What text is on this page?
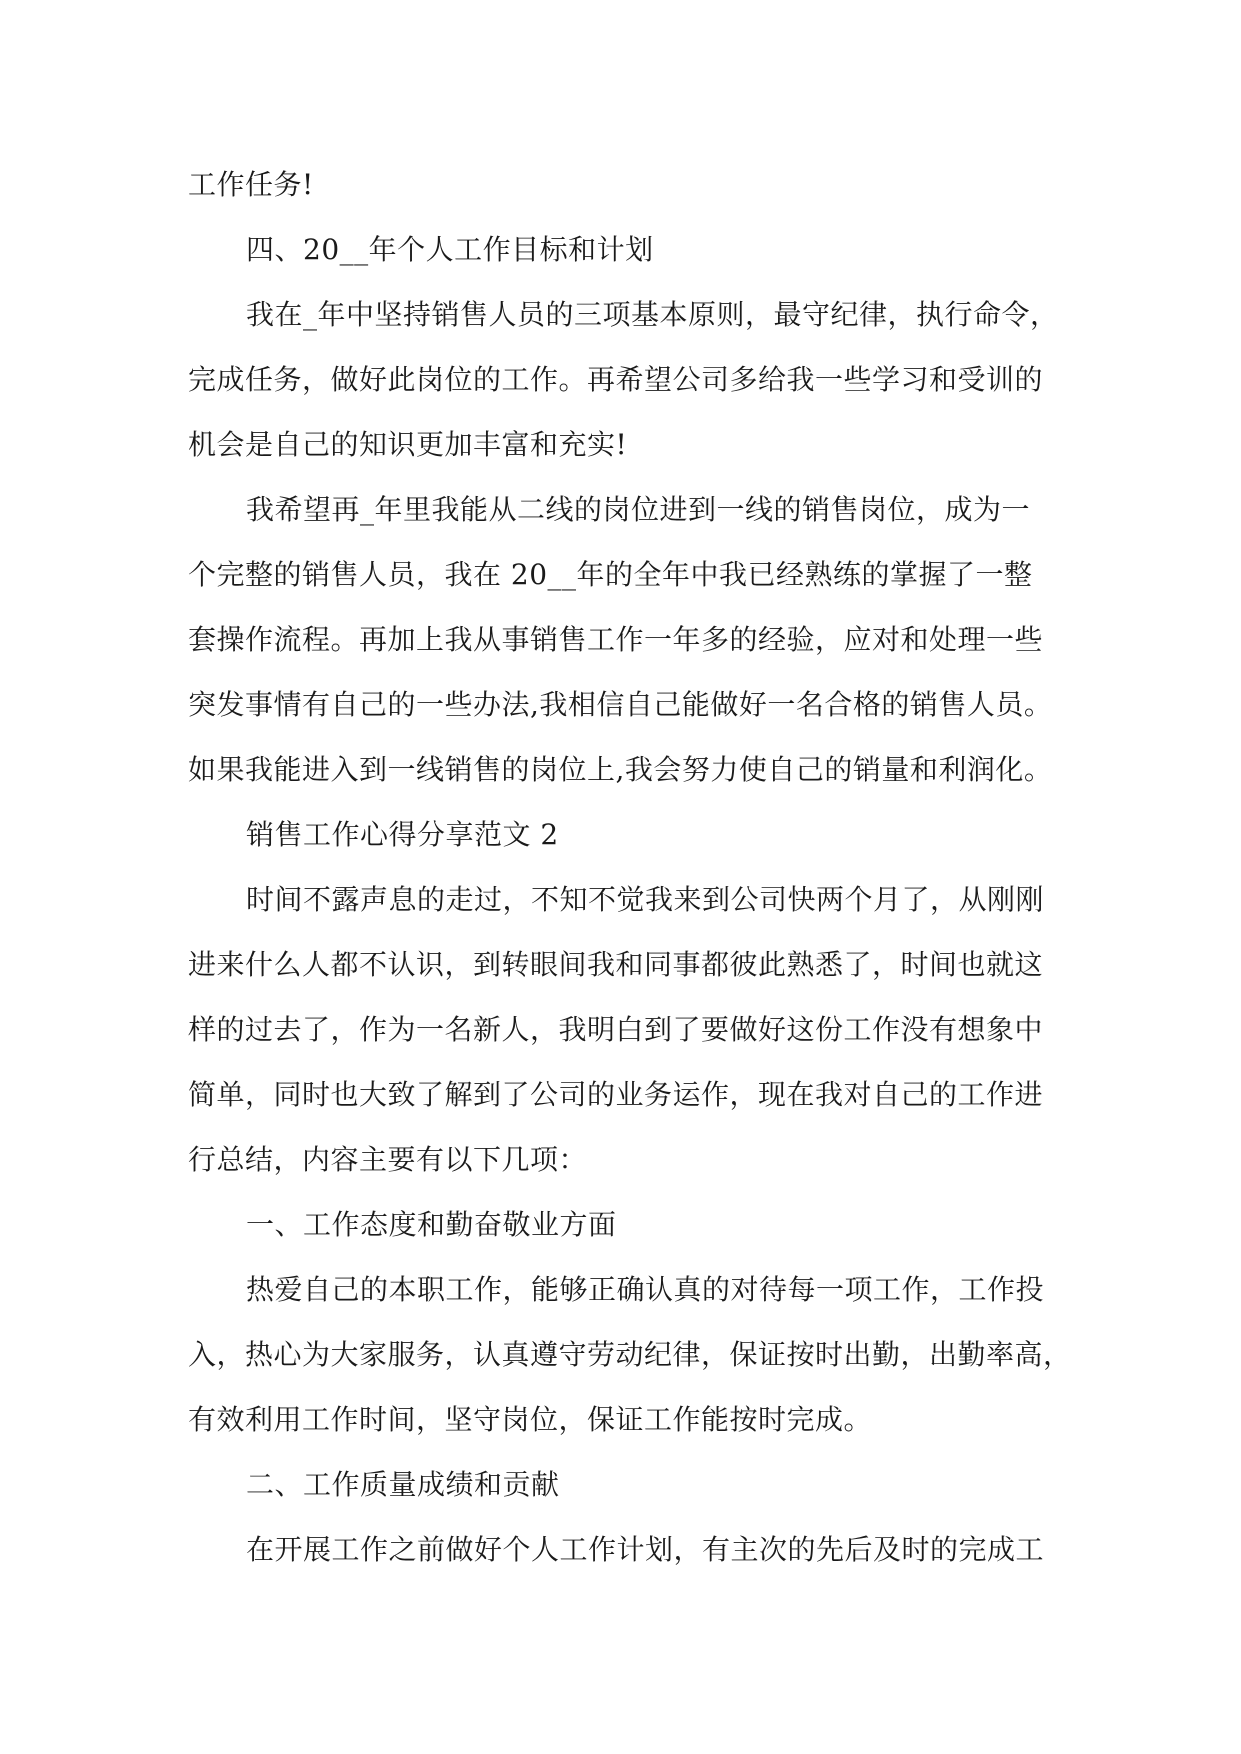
工作任务!
四、20__年个人工作目标和计划
我在_年中坚持销售人员的三项基本原则，最守纪律，执行命令，
完成任务，做好此岗位的工作。再希望公司多给我一些学习和受训的
机会是自己的知识更加丰富和充实!
我希望再_年里我能从二线的岗位进到一线的销售岗位，成为一
个完整的销售人员，我在 20__年的全年中我已经熟练的掌握了一整
套操作流程。再加上我从事销售工作一年多的经验，应对和处理一些
突发事情有自己的一些办法,我相信自己能做好一名合格的销售人员。
如果我能进入到一线销售的岗位上,我会努力使自己的销量和利润化。
销售工作心得分享范文 2
时间不露声息的走过，不知不觉我来到公司快两个月了，从刚刚
进来什么人都不认识，到转眼间我和同事都彼此熟悉了，时间也就这
样的过去了，作为一名新人，我明白到了要做好这份工作没有想象中
简单，同时也大致了解到了公司的业务运作，现在我对自己的工作进
行总结，内容主要有以下几项：
一、工作态度和勤奋敬业方面
热爱自己的本职工作，能够正确认真的对待每一项工作，工作投
入，热心为大家服务，认真遵守劳动纪律，保证按时出勤，出勤率高，
有效利用工作时间，坚守岗位，保证工作能按时完成。
二、工作质量成绩和贡献
在开展工作之前做好个人工作计划，有主次的先后及时的完成工
